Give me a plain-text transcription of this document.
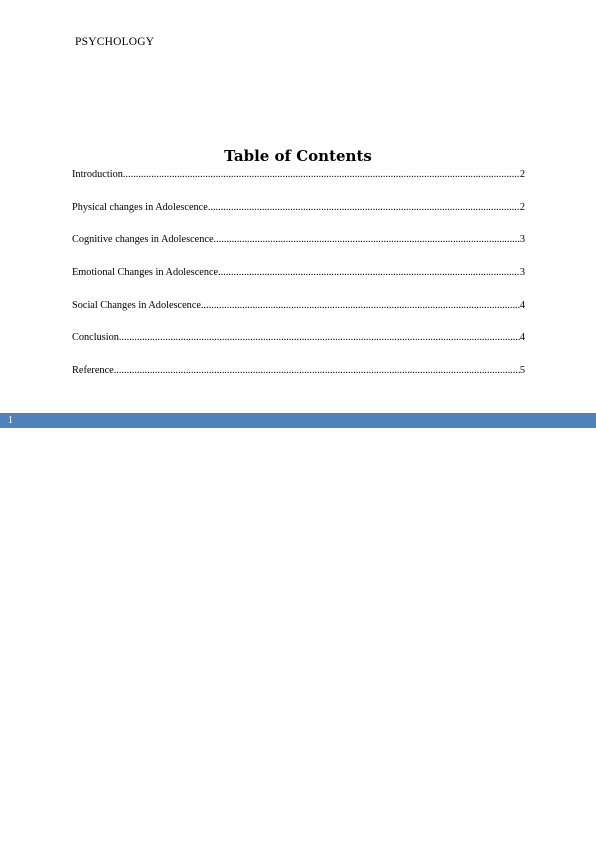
PSYCHOLOGY
Table of Contents
Introduction .....	2
Physical changes in Adolescence .....	2
Cognitive changes in Adolescence .....	3
Emotional Changes in Adolescence .....	3
Social Changes in Adolescence .....	4
Conclusion .....	4
Reference .....	5
1
